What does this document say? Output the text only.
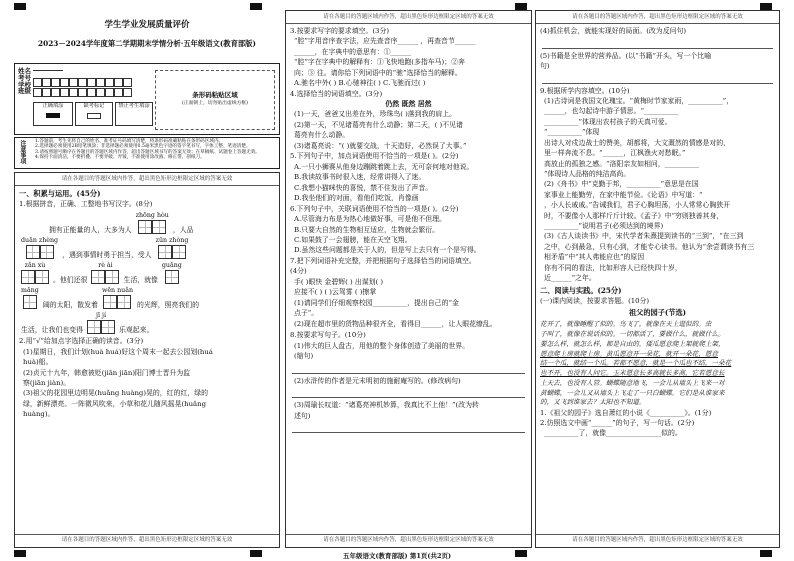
学生学业发展质量评价
2023－2024学年度第二学期期末学情分析·五年级语文(教育部版)
姓名
考号
学校
班级
正确填涂	缺考标记	禁止考生填涂
条形码粘贴区域
(正面朝上，切勿贴出虚线方框)
注意事项 1.答题前，考生先将自己的姓名、准考证号码填写清楚，将条形码准确粘贴在条形码区域内。
2.选择题必须使用2B铅笔填涂；非选择题必须使用0.5毫米黑色字迹的签字笔书写，字体工整、笔迹清楚。
3.请按照题号顺序在各题目的答题区域内作答，超出答题区域书写的答案无效；在草稿纸、试题卷上答题无效。
4.保持卡面清洁，不要折叠、不要弄破、弄皱，不准使用涂改液、修正带、刮纸刀。
请在各题目的答题区域内作答，超出黑色矩形边框限定区域的答案无效
一、积累与运用。(45分)
1.根据拼音，正确、工整地书写汉字。(8分)
拥有正能量的人，大多为人
zhōng hòu
，人品
duān zhèng
，遇到事情时勇于担当，受人
zūn zhòng
zǎn xù
。他们还很
rè ài
生活，就像
guǎng
mǎng
阔的太阳，散发着
wēn nuǎn
的光辉，照亮我们的
生活，让我们也变得
jī jí
乐观起来。
2.用“√”给加点字选择正确的读音。(3分)
(1)星期日，我们计划(huà huá)好这个周末一起去公园划(huá
huà)船。
(2)贞元十九年，韩愈被贬(jiān jiān)阳门博士晋升为监
察(jiān jiàn)。
(3)祖父的花园里边明晃(huǎng huàng)晃的，红的红，绿的
绿，新鲜漂亮。一阵微风吹来，小草和花儿随风摇晃(huǎng
huàng)。
请在各题目的答题区域内作答，超出黑色矩形边框限定区域的答案无效
请在各题目的答题区域内作答，超出黑色矩形边框限定区域的答案无效
3.按要求写字的要求填空。(3分)
“腔”字用音序查字法，应先查音序______ ，再查音节______
______，在字典中的意思有：①______
“腔”字在字典中的解释有：①飞快地跑(多指车马)；②奔
向；③ 往。请你给下列词语中的“驰”选择恰当的解释。
A.驰名中外( ) B.心驰神往( ) C.飞驰而过( )
4.选择恰当的词语填空。(3分)
仍然 既然 居然
(1)一天，爸爸又出差在外，珍珠鸟( )落到我的肩上。
(2)第一天，不见诸葛亮有什么动静；第二天，( )不见诸
葛亮有什么动静。
(3)诸葛亮说：“( )就要交战，十天造好，必然误了大事。”
5.下列句子中，加点词语使用不恰当的一项是( )。(2分)
A.一只小狮赛从他身边蹦跳着跳上去，无可奈何地对他说。
B.我读故事书时很入迷，经常讲得入了迷。
C.我想小猫咪快的喜悦，禁不住发出了声音。
D.我坐他们的对面，看他们吃饭，肖像画
6.下列句子中，关联词语使用不恰当的一项是( )。(2分)
A.尽管海力布是为热心地做好事，可是他不但理。
B.只要大自然的生物相互适应，生物就会繁衍。
C.如果鼓了一会翅膀，能在天空飞翔。
D.虽然这些问题都是关于人的，但是写上去只有一个是写得。
7.把下列词语补充完整，并把根据句子选择恰当的词语填空。
(4分)
手( )眼快 金碧辉( ) 出谋划( )
应接不( ) ( )云驾雾 ( )擦掌
(1)请同学们仔细观察校园__________，提出自己的“金
点子”。
(2)现在超市里的货物品种很齐全，看得目______，让人眼花缭乱。
8.按要求写句子。(10分)
(1)伟大的巨人盘古，用他的整个身体创造了美丽的世界。
(缩句)
(2)水浒传的作者是元末明初的施耐庵写的。(修改病句)
(3)周瑜长叹道：“诸葛亮神机妙算，我真比不上他！”(改为转
述句)
请在各题目的答题区域内作答，超出黑色矩形边框限定区域的答案无效
请在各题目的答题区域内作答，超出黑色矩形边框限定区域的答案无效
(4)抓住机会，就能实现好的局面。(改为反问句)
(5)书籍是全世界的营养品。(以“书籍”开头，写一个比喻
句)
9.根据所学内容填空。(10分)
(1)古诗词是我国文化瑰宝。“黄梅时节家家雨，__________”，
______，也勾起诗中游子情思。“__________
__________”体现出农村孩子的天真可爱。
“__________”体现
出诗人对戍边战士的赞美，胡都将，大文溉然的情感是对的，
里一样奔流不息。“______，江枫渔火对愁眠。”
高放止的孤独之感。“洛阳亲友如相问，__________
”体现诗人品格的纯洁高尚。
(2)《舟书》中“克勤于邦，__________”意思是在国
家事业上能勤劳，在家中能节俭。《论语》中写道：“
，小人长戚戚。”告诫我们，君子心胸坦荡，小人常常心胸狭开
时，不要像小人那样斤斤计较。《孟子》中“穷则独善其身，
__________”说明君子(必须达到的境界)
(3)《古人谈读书》中，宋代学者朱熹提到读书的“三到”，“在三到
之中，心到最急，只有心到，才能专心读书。他认为“余尝谓读书有三
相矛盾”中“其人弗能应也”的原因
你有不同的看法，比如形容人已经快四十岁，
近______”之年。
二、阅读与实践。(25分)
(一)课内阅读，按要求答题。(10分)
祖父的园子(节选)
花开了，就像睡醒了似的。鸟飞了，就像在天上逛似的。虫
子叫了，就像在说话似的。一切都活了，要做什么，就做什么。
要怎么样，就怎么样，都是自由的。倭瓜愿意爬上架就爬上架，
愿意爬上房就爬上房。黄瓜愿意开一朵花，就开一朵花，愿意
结一个瓜，就结一个瓜。若都不愿意，就是一个瓜也不结，一朵花
也不开，也没有人问它。玉米愿意长多高就长多高，它若愿意长
上天去，也没有人管。蝴蝶随意地飞，一会儿从墙头上飞来一对
黄蝴蝶，一会儿又从墙头上飞走了一只白蝴蝶。它们是从谁家来
的，又飞到谁家去？太阳也不知道。
1.《祖父的园子》选自萧红的小说《__________》。(1分)
2.仿照选文中画“______”的句子，写一句话。(2分)
__________了，就像________________似的。
请在各题目的答题区域内作答，超出黑色矩形边框限定区域的答案无效
五年级语文(教育部版) 第1页(共2页)
